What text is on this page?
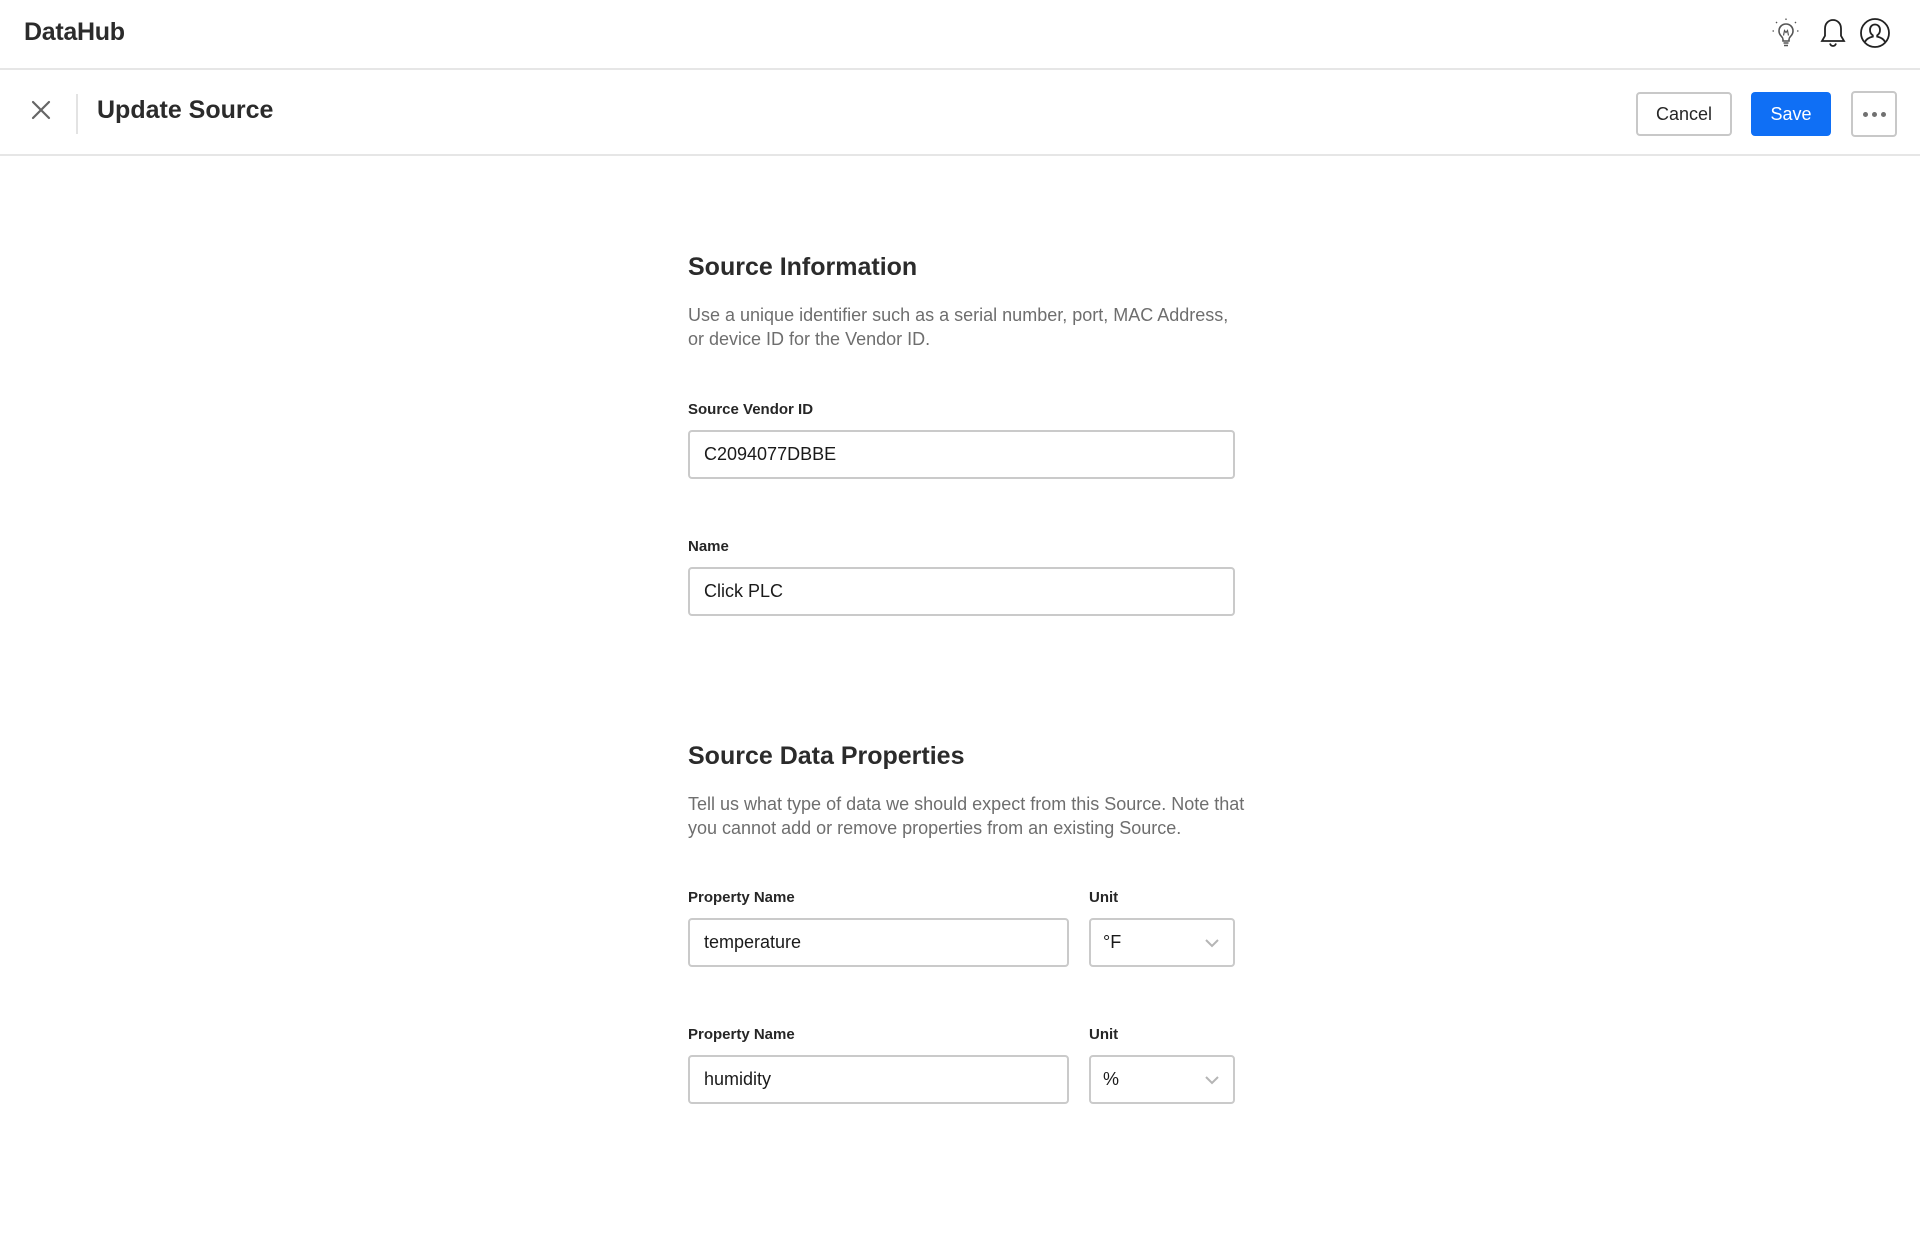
DataHub
Update Source	Cancel	Save
Source Information
Use a unique identifier such as a serial number, port, MAC Address, or device ID for the Vendor ID.
Source Vendor ID
C2094077DBBE
Name
Click PLC
Source Data Properties
Tell us what type of data we should expect from this Source. Note that you cannot add or remove properties from an existing Source.
Property Name	Unit
temperature
°F
Property Name	Unit
humidity
%
